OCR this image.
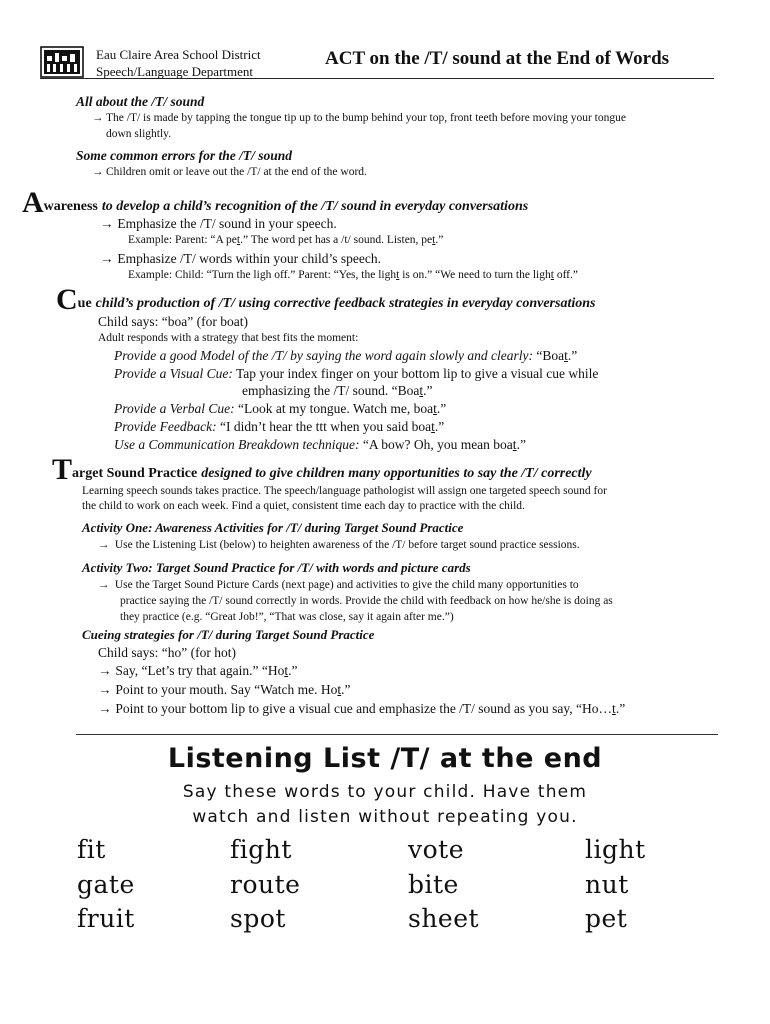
Eau Claire Area School District
Speech/Language Department
ACT on the /T/ sound at the End of Words
All about the /T/ sound
→ The /T/ is made by tapping the tongue tip up to the bump behind your top, front teeth before moving your tongue
down slightly.
Some common errors for the /T/ sound
→ Children omit or leave out the /T/ at the end of the word.
Awareness to develop a child’s recognition of the /T/ sound in everyday conversations
→ Emphasize the /T/ sound in your speech.
Example: Parent: “A pet.” The word pet has a /t/ sound. Listen, pet.”
→ Emphasize /T/ words within your child’s speech.
Example: Child: “Turn the ligh off.” Parent: “Yes, the light is on.” “We need to turn the light off.”
Cue child’s production of /T/ using corrective feedback strategies in everyday conversations
Child says: “boa” (for boat)
Adult responds with a strategy that best fits the moment:
Provide a good Model of the /T/ by saying the word again slowly and clearly: “Boat.”
Provide a Visual Cue: Tap your index finger on your bottom lip to give a visual cue while
emphasizing the /T/ sound. “Boat.”
Provide a Verbal Cue: “Look at my tongue. Watch me, boat.”
Provide Feedback: “I didn’t hear the ttt when you said boat.”
Use a Communication Breakdown technique: “A bow? Oh, you mean boat.”
Target Sound Practice designed to give children many opportunities to say the /T/ correctly
Learning speech sounds takes practice. The speech/language pathologist will assign one targeted speech sound for
the child to work on each week. Find a quiet, consistent time each day to practice with the child.
Activity One: Awareness Activities for /T/ during Target Sound Practice
→ Use the Listening List (below) to heighten awareness of the /T/ before target sound practice sessions.
Activity Two: Target Sound Practice for /T/ with words and picture cards
→ Use the Target Sound Picture Cards (next page) and activities to give the child many opportunities to
practice saying the /T/ sound correctly in words. Provide the child with feedback on how he/she is doing as
they practice (e.g. “Great Job!”, “That was close, say it again after me.”)
Cueing strategies for /T/ during Target Sound Practice
Child says: “ho” (for hot)
→ Say, “Let’s try that again.” “Hot.”
→ Point to your mouth. Say “Watch me. Hot.”
→ Point to your bottom lip to give a visual cue and emphasize the /T/ sound as you say, “Ho…t.”
Listening List /T/ at the end
Say these words to your child. Have them
watch and listen without repeating you.
fit	fight	vote	light
gate	route	bite	nut
fruit	spot	sheet	pet
